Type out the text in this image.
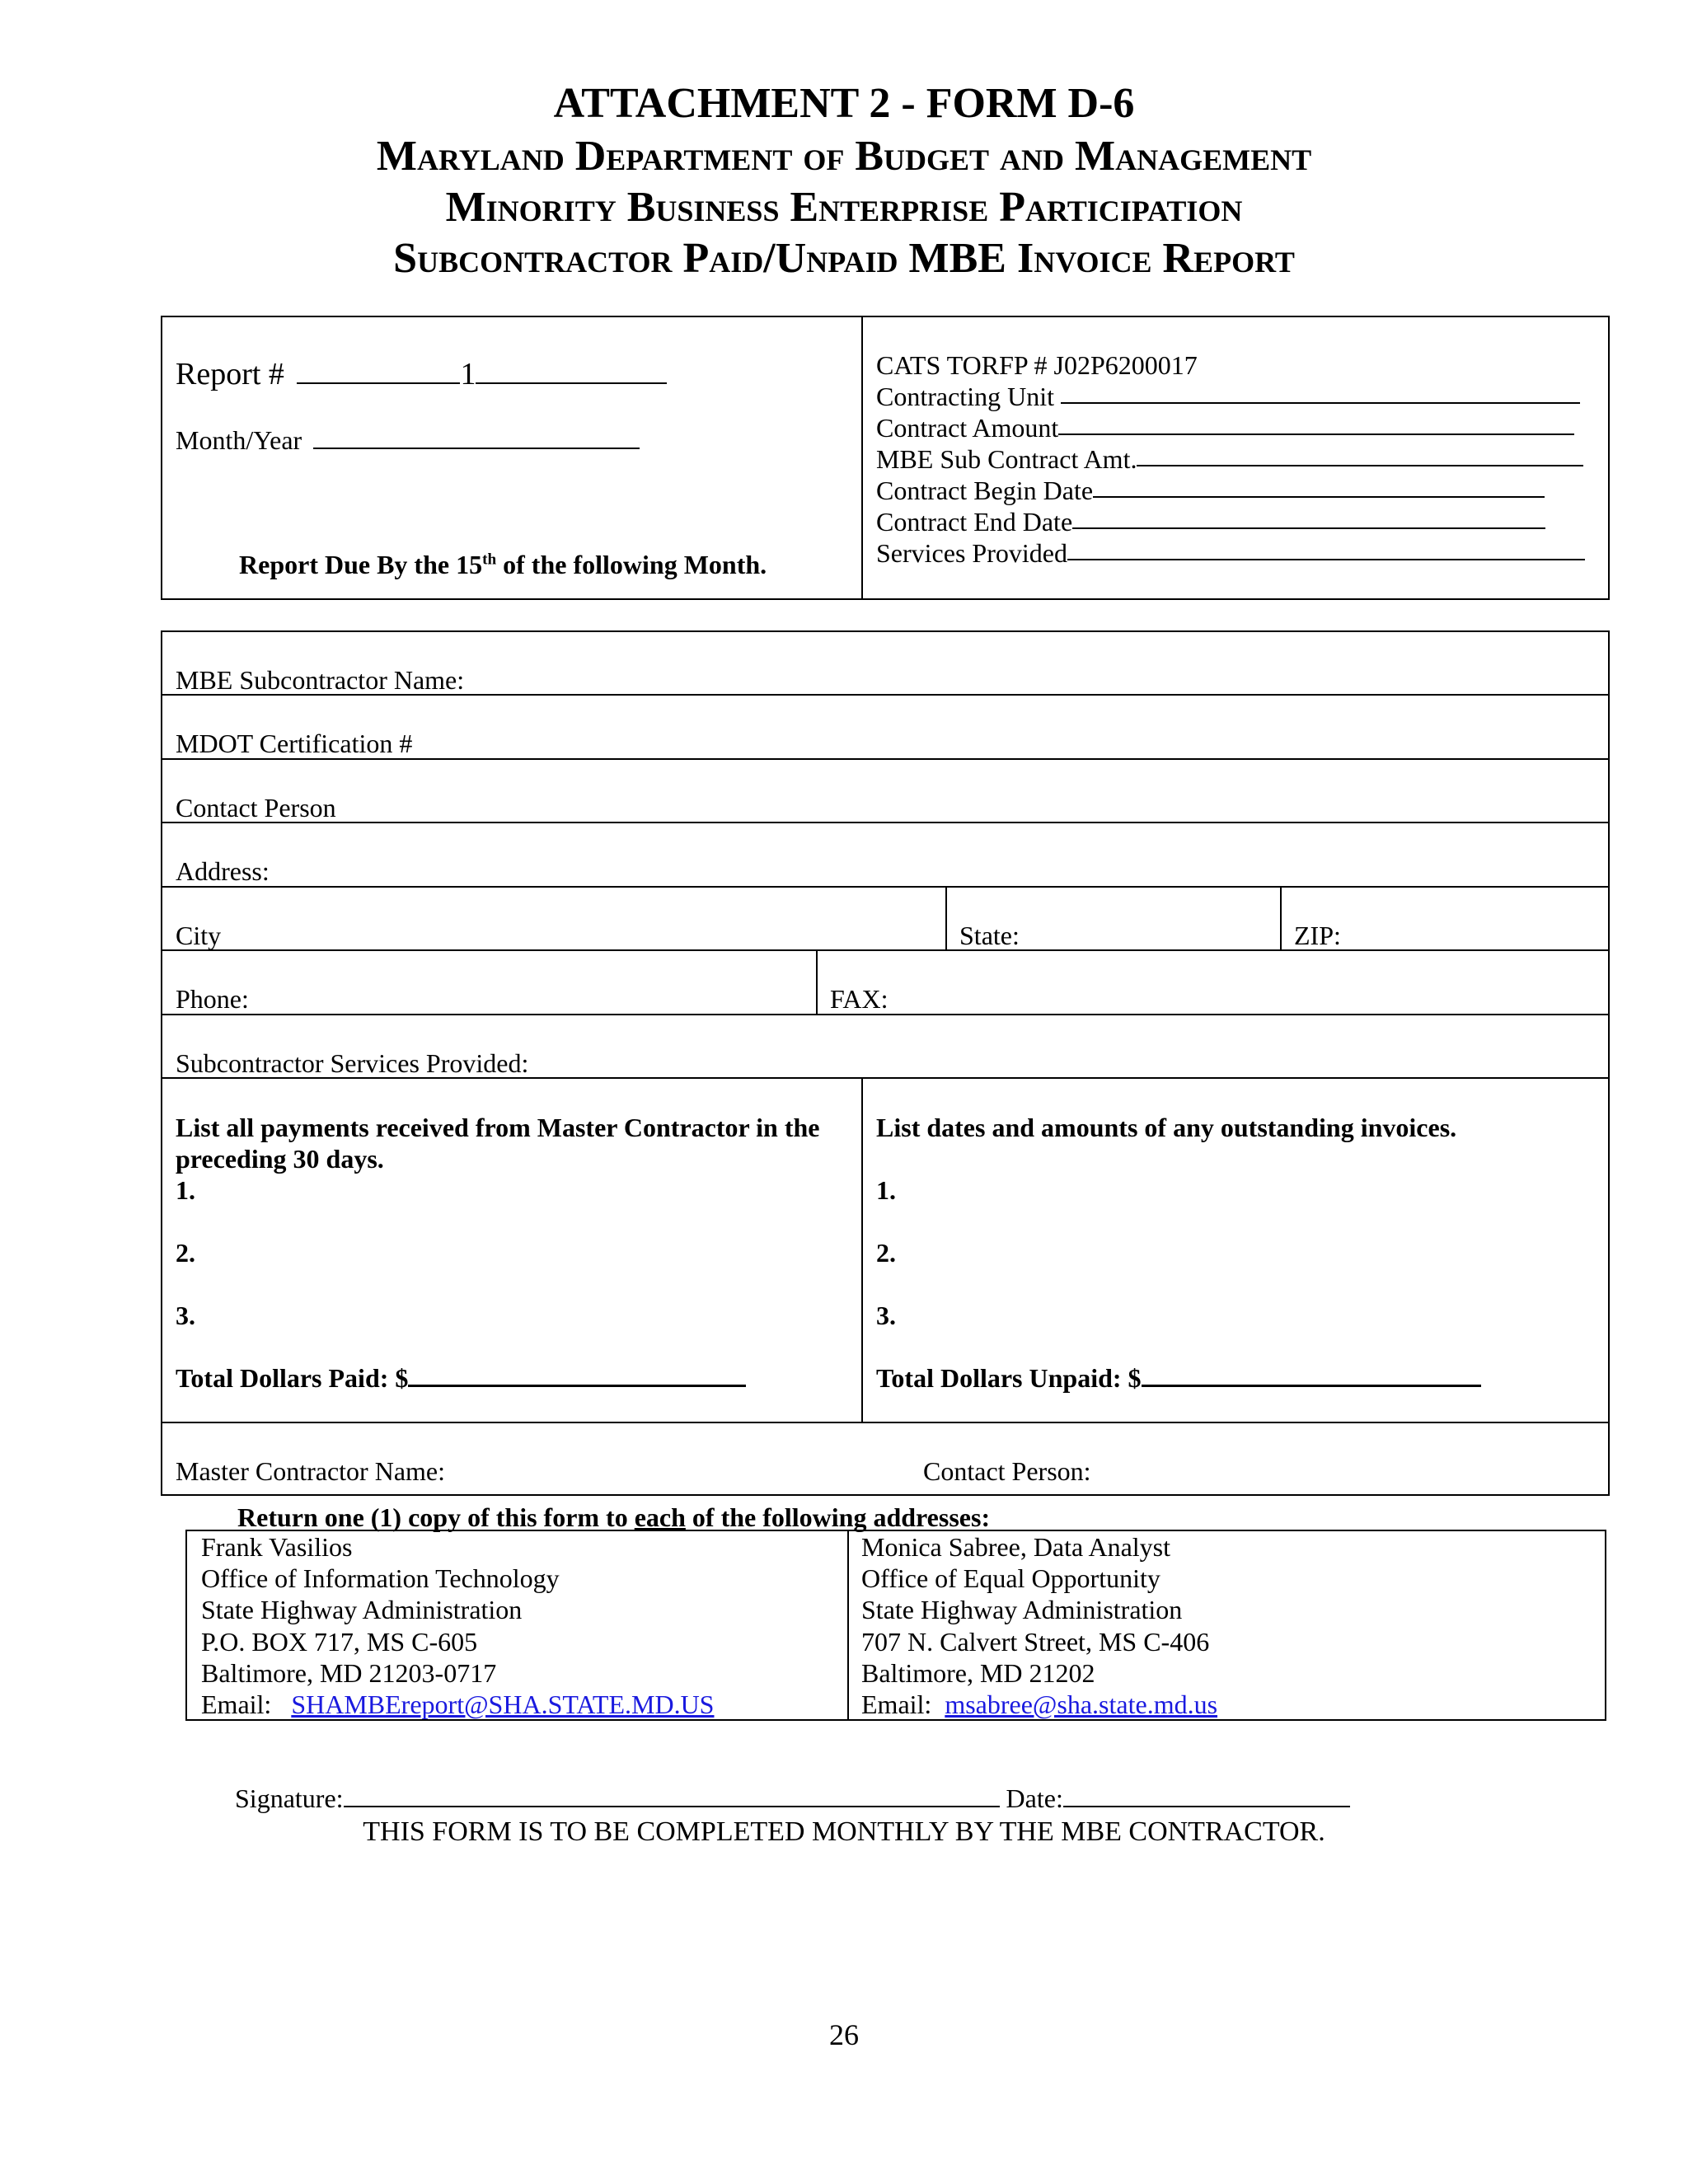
ATTACHMENT 2 - FORM D-6
Maryland Department of Budget and Management
Minority Business Enterprise Participation
Subcontractor Paid/Unpaid MBE Invoice Report
Report #	1
Month/Year
Report Due By the 15th of the following Month.
CATS TORFP # J02P6200017
Contracting Unit
Contract Amount
MBE Sub Contract Amt.
Contract Begin Date
Contract End Date
Services Provided
MBE Subcontractor Name:
MDOT Certification #
Contact Person
Address:
City	State:	ZIP:
Phone:	FAX:
Subcontractor Services Provided:
List all payments received from Master Contractor in the preceding 30 days.
1.
2.
3.
Total Dollars Paid: $
List dates and amounts of any outstanding invoices.
1.
2.
3.
Total Dollars Unpaid: $
Master Contractor Name:	Contact Person:
Return one (1) copy of this form to each of the following addresses:
Frank Vasilios
Office of Information Technology
State Highway Administration
P.O. BOX 717, MS C-605
Baltimore, MD 21203-0717
Email: SHAMBEreport@SHA.STATE.MD.US
Monica Sabree, Data Analyst
Office of Equal Opportunity
State Highway Administration
707 N. Calvert Street, MS C-406
Baltimore, MD 21202
Email: msabree@sha.state.md.us
Signature:	Date:
THIS FORM IS TO BE COMPLETED MONTHLY BY THE MBE CONTRACTOR.
26
